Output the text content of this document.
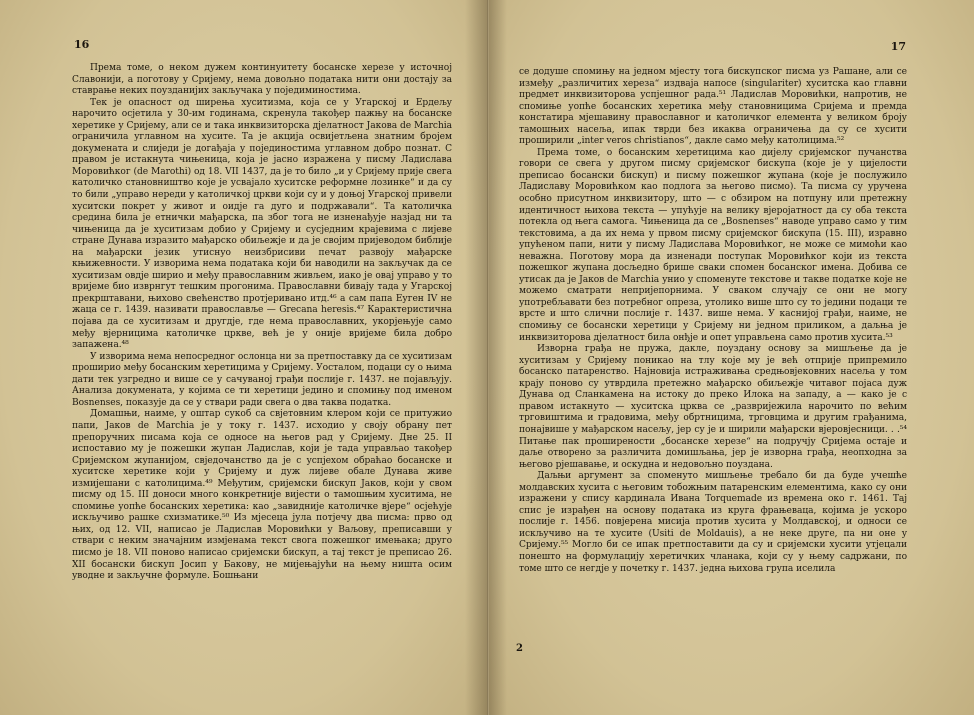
16

Према томе, о неком дужем континуитету босанске херезе у источној Славонији, а поготову у Сријему, нема довољно података нити они достају за ставрање неких поузданијих закључака у поједиминостима.

Тек је опасност од ширења хуситизма, која се у Угарској и Ердељу нарочито осјетила у 30-им годинама, скренула такођер пажњу на босанске херетике у Сријему, али се и така инквизиторска дјелатност Јакова de Marchia ограничила углавном на хусите. Та је акција освијетљена знатним бројем докумената и слиједи је догађаја у појединостима углавном добро познат. С правом је истакнута чињеница, која је јасно изражена у писму Ладислава Моровићког (de Marothi) од 18. VII 1437, да је то било „и у Сријему прије свега католичко становништво које је усвајало хуситске реформне лозинке“ и да су то били „управо нереди у католичкој цркви који су и у доњој Угарској привели хуситски покрет у живот и оидје га дуго и подржавали“. Та католичка средина била је етнички мађарска, па због тога не изненађује назјад ни та чињеница да је хуситизам добио у Сријему и сусједним крајевима с лијеве стране Дунава изразито мађарско обиљежје и да је својим пријеводом библије на мађарски језик утиснуо неизбрисиви печат развоју мађарске књижевности. У изворима нема података који би наводили на закључак да се хуситизам овдје ширио и међу православним живљем, иако је овај управо у то вријеме био изврнгут тешким прогонима. Православни бивају тада у Угарској прекрштавани, њихово свећенство протјеривано итд.⁴⁶ а сам папа Еуген IV не жаца се г. 1439. називати православље — Grecana heresis.⁴⁷ Карактеристична појава да се хуситизам и другдје, где нема православних, укорјењује само међу вјерницима католичке цркве, вeћ је у оније вријеме била добро запажена.⁴⁸

У изворима нема непосредног ослонца ни за претпоставку да се хуситизам проширио међу босанским херетицима у Сријему. Уосталом, подаци су о њима дати тек узгредно и више се у сачуваној грађи послије г. 1437. не појављују. Анализа докумената, у којима се ти херетици једино и спомињу под именом Bosnenses, показује да се у ствари ради свега о два таква податка.

Домашњи, наиме, у оштар сукоб са свјетовним клером који се притужио папи, Јаков de Marchia је у току г. 1437. исходио у своју обрану пет препоручних писама која се односе на његов рад у Сријему. Дне 25. II испоставио му је пожешки жупан Ладислав, који је тада управљао такођер Сријемском жупанијом, свједочанство да је с успјехом обраћао босанске и хуситске херетике који у Сријему и дуж лијеве обале Дунава живе измијешани с католицима.⁴⁹ Међутим, сријемски бискуп Јаков, који у свом писму од 15. III доноси много конкретније вијести о тамошњим хуситима, не спомиње уопће босанских херетика: као „завидније католичке вјере“ осјећује искључиво рашке схизматике.⁵⁰ Из мјесеца јула потјечу два писма: прво од њих, од 12. VII, написао је Ладислав Моровићки у Ваљову, преписавши у ствари с неким значајним измјенама текст свога пожешког имењака; друго писмо је 18. VII поново написао сријемски бискуп, а тај текст је преписао 26. XII босански бискуп Јосип у Бакову, не мијењајући на њему ништа осим уводне и закључне формуле. Бошњани

17

се додуше спомињу на једном мјесту тога бискупског писма уз Рашане, али се између „различитих хереза“ издваја напосе (singulariter) хуситска као главни предмет инквизиторова успјешног рада.⁵¹ Ладислав Моровићки, напротив, не спомиње уопће босанских херетика међу становницима Сријема и премда констатира мјешавину православног и католичког елемента у великом броју тамошњих насеља, ипак тврди без икаква ограничења да су се хусити проширили „inter veros christianos“, дакле само међу католицима.⁵²

Према томе, о босанским херетицима као дијелу сријемског пучанства говори се свега у другом писму сријемског бискупа (које је у цијелости преписао босански бискуп) и писму пожешког жупана (које је послужило Ладиславу Моровићком као подлога за његово писмо). Та писма су уручена особно присутном инквизитору, што — с обзиром на потпуну или претежну идентичност њихова текста — упућује на велику вјеројатност да су оба текста потекла од њега самога. Чињеница да се „Bosnenses“ наводе управо само у тим текстовима, а да их нема у првом писму сријемског бискупа (15. III), изравно упућеном папи, нити у писму Ладислава Моровићког, не може се мимоћи као неважна. Поготову мора да изненади поступак Моровићког који из текста пожешког жупана досљедно брише сваки спомен босанског имена. Добива се утисак да је Јаков de Marchia унио у споменуте текстове и такве податке које не можемо сматрати непријепорнима. У сваком случају се они не могу употребљавати без потребног опреза, утолико више што су то једини подаци те врсте и што слични послије г. 1437. више нема. У каснијој грађи, наиме, не спомињу се босански херетици у Сријему ни једном приликом, а даљња је инквизиторова дјелатност била онђје и опет управљена само против хусита.⁵³

Изворна грађа не пружа, дакле, поуздану основу за мишљење да је хуситизам у Сријему поникао на тлу које му је већ отприје припремило босанско патаренство. Најновија истраживања средњовјековних насеља у том крају поново су утврдила претежно мађарско обиљежје читавог појаса дуж Дунава од Сланкамена на истоку до преко Илока на западу, а — како је с правом истакнуто — хуситска црква се „развријежила нарочито по већим трговиштима и градовима, међу обртницима, трговцима и другим грађанима, понајвише у мађарском насељу, јер су је и ширили мађарски вјеровјесници. . .⁵⁴ Питање пак проширености „босанске херезе“ на подручју Сријема остаје и даље отворено за различита домишљања, јер је изворна грађа, неопходна за његово рјешавање, и оскудна и недовољно поуздана.

Даљњи аргумент за споменуто мишљење требало би да буде учешће молдавских хусита с његовим тобожњим патаренским елементима, како су они изражени у спису кардинала Ивана Torquemade из времена око г. 1461. Тај спис је израђен на основу података из круга фрањеваца, којима је ускоро послије г. 1456. повјерена мисија против хусита у Молдавској, и односи се искључиво на те хусите (Usiti de Moldauis), а не неке друге, па ни оне у Сријему.⁵⁵ Могло би се ипак претпоставити да су и сријемски хусити утјецали понешто на формулацију херетичких чланака, који су у њему садржани, по томе што се негдје у почетку г. 1437. једна њихова група иселила

2
